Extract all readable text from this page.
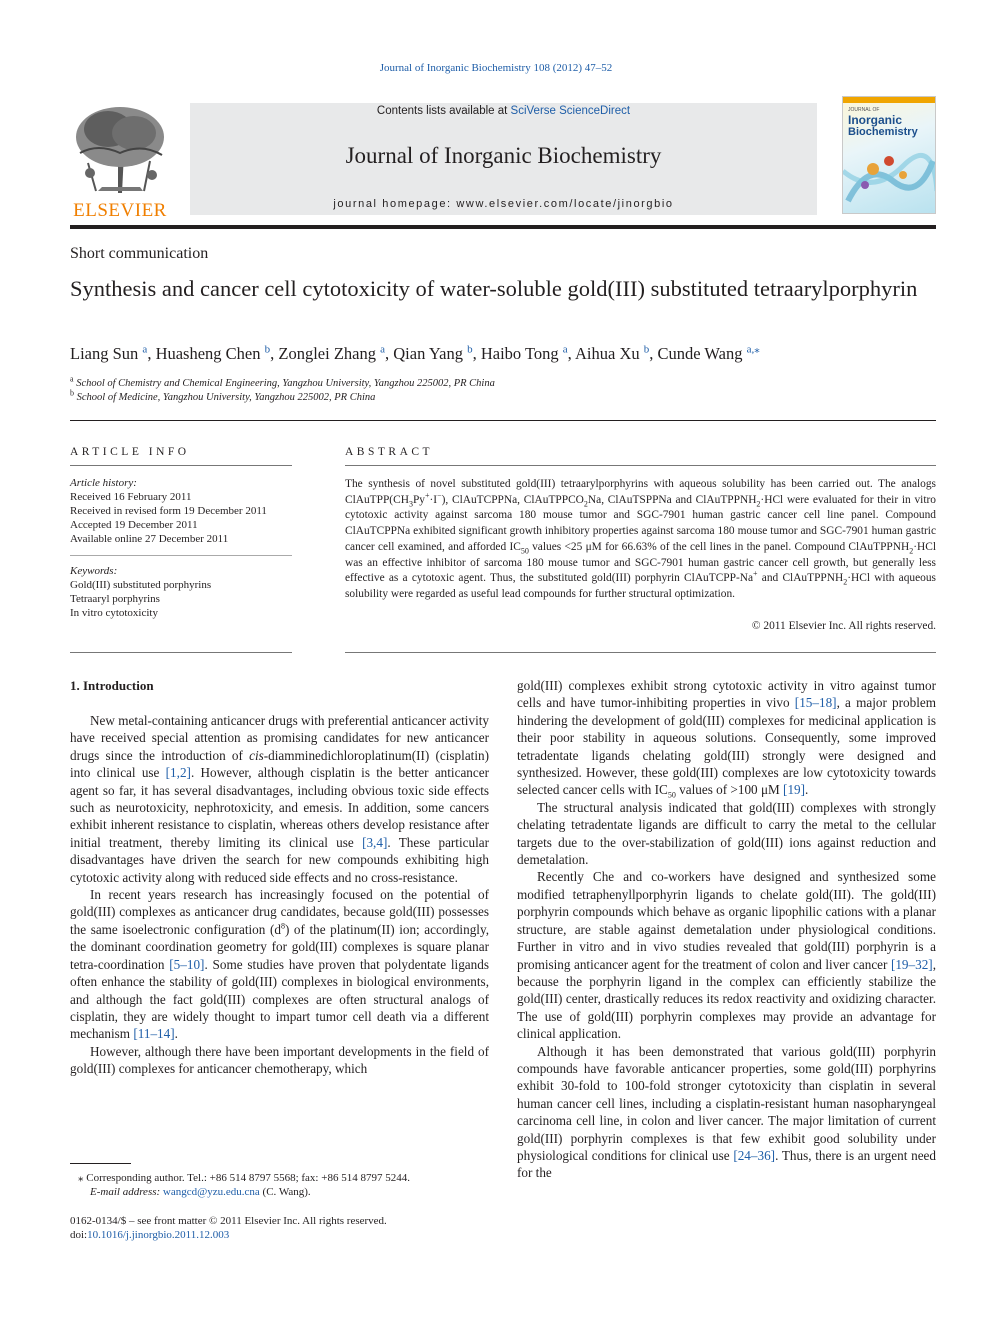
Journal of Inorganic Biochemistry 108 (2012) 47–52
ELSEVIER
Contents lists available at SciVerse ScienceDirect
Journal of Inorganic Biochemistry
journal homepage: www.elsevier.com/locate/jinorgbio
JOURNAL OF
Inorganic
Biochemistry
Short communication
Synthesis and cancer cell cytotoxicity of water-soluble gold(III) substituted tetraarylporphyrin
Liang Sun $^a$, Huasheng Chen $^b$, Zonglei Zhang $^a$, Qian Yang $^b$, Haibo Tong $^a$, Aihua Xu $^b$, Cunde Wang $^{a,⁎}$
$^a$ School of Chemistry and Chemical Engineering, Yangzhou University, Yangzhou 225002, PR China
$^b$ School of Medicine, Yangzhou University, Yangzhou 225002, PR China
ARTICLE INFO
Article history:
Received 16 February 2011
Received in revised form 19 December 2011
Accepted 19 December 2011
Available online 27 December 2011
Keywords:
Gold(III) substituted porphyrins
Tetraaryl porphyrins
In vitro cytotoxicity
ABSTRACT
The synthesis of novel substituted gold(III) tetraarylporphyrins with aqueous solubility has been carried out. The analogs $ClAuTPP(CH_3Py^+\cdot I^-)$, ClAuTCPPNa, ClAuTPPCO$_2$Na, ClAuTSPPNa and ClAuTPPNH$_2$·HCl were evaluated for their in vitro cytotoxic activity against sarcoma 180 mouse tumor and SGC-7901 human gastric cancer cell line panel. Compound ClAuTCPPNa exhibited significant growth inhibitory properties against sarcoma 180 mouse tumor and SGC-7901 human gastric cancer cell examined, and afforded $IC_{50}$ values <25 μM for 66.63% of the cell lines in the panel. Compound ClAuTPPNH$_2$·HCl was an effective inhibitor of sarcoma 180 mouse tumor and SGC-7901 human gastric cancer cell growth, but generally less effective as a cytotoxic agent. Thus, the substituted gold(III) porphyrin ClAuTCPP-Na+ and ClAuTPPNH$_2$·HCl with aqueous solubility were regarded as useful lead compounds for further structural optimization.
© 2011 Elsevier Inc. All rights reserved.
1. Introduction

New metal-containing anticancer drugs with preferential anticancer activity have received special attention as promising candidates for new anticancer drugs since the introduction of cis-diamminedichloroplatinum(II) (cisplatin) into clinical use [1,2]. However, although cisplatin is the better anticancer agent so far, it has several disadvantages, including obvious toxic side effects such as neurotoxicity, nephrotoxicity, and emesis. In addition, some cancers exhibit inherent resistance to cisplatin, whereas others develop resistance after initial treatment, thereby limiting its clinical use [3,4]. These particular disadvantages have driven the search for new compounds exhibiting high cytotoxic activity along with reduced side effects and no cross-resistance.

In recent years research has increasingly focused on the potential of gold(III) complexes as anticancer drug candidates, because gold(III) possesses the same isoelectronic configuration $(d^8)$ of the platinum(II) ion; accordingly, the dominant coordination geometry for gold(III) complexes is square planar tetra-coordination [5–10]. Some studies have proven that polydentate ligands often enhance the stability of gold(III) complexes in biological environments, and although the fact gold(III) complexes are often structural analogs of cisplatin, they are widely thought to impart tumor cell death via a different mechanism [11–14].

However, although there have been important developments in the field of gold(III) complexes for anticancer chemotherapy, which

gold(III) complexes exhibit strong cytotoxic activity in vitro against tumor cells and have tumor-inhibiting properties in vivo [15–18], a major problem hindering the development of gold(III) complexes for medicinal application is their poor stability in aqueous solutions. Consequently, some improved tetradentate ligands chelating gold(III) strongly were designed and synthesized. However, these gold(III) complexes are low cytotoxicity towards selected cancer cells with $IC_{50}$ values of >100 μM [19].

The structural analysis indicated that gold(III) complexes with strongly chelating tetradentate ligands are difficult to carry the metal to the cellular targets due to the over-stabilization of gold(III) ions against reduction and demetalation.

Recently Che and co-workers have designed and synthesized some modified tetraphenyllporphyrin ligands to chelate gold(III). The gold(III) porphyrin compounds which behave as organic lipophilic cations with a planar structure, are stable against demetalation under physiological conditions. Further in vitro and in vivo studies revealed that gold(III) porphyrin is a promising anticancer agent for the treatment of colon and liver cancer [19–32], because the porphyrin ligand in the complex can efficiently stabilize the gold(III) center, drastically reduces its redox reactivity and oxidizing character. The use of gold(III) porphyrin complexes may provide an advantage for clinical application.

Although it has been demonstrated that various gold(III) porphyrin compounds have favorable anticancer properties, some gold(III) porphyrins exhibit 30-fold to 100-fold stronger cytotoxicity than cisplatin in several human cancer cell lines, including a cisplatin-resistant human nasopharyngeal carcinoma cell line, in colon and liver cancer. The major limitation of current gold(III) porphyrin complexes is that few exhibit good solubility under physiological conditions for clinical use [24–36]. Thus, there is an urgent need for the

⁎ Corresponding author. Tel.: +86 514 8797 5568; fax: +86 514 8797 5244.
E-mail address: wangcd@yzu.edu.cna (C. Wang).
0162-0134/$ – see front matter © 2011 Elsevier Inc. All rights reserved.
doi:10.1016/j.jinorgbio.2011.12.003
